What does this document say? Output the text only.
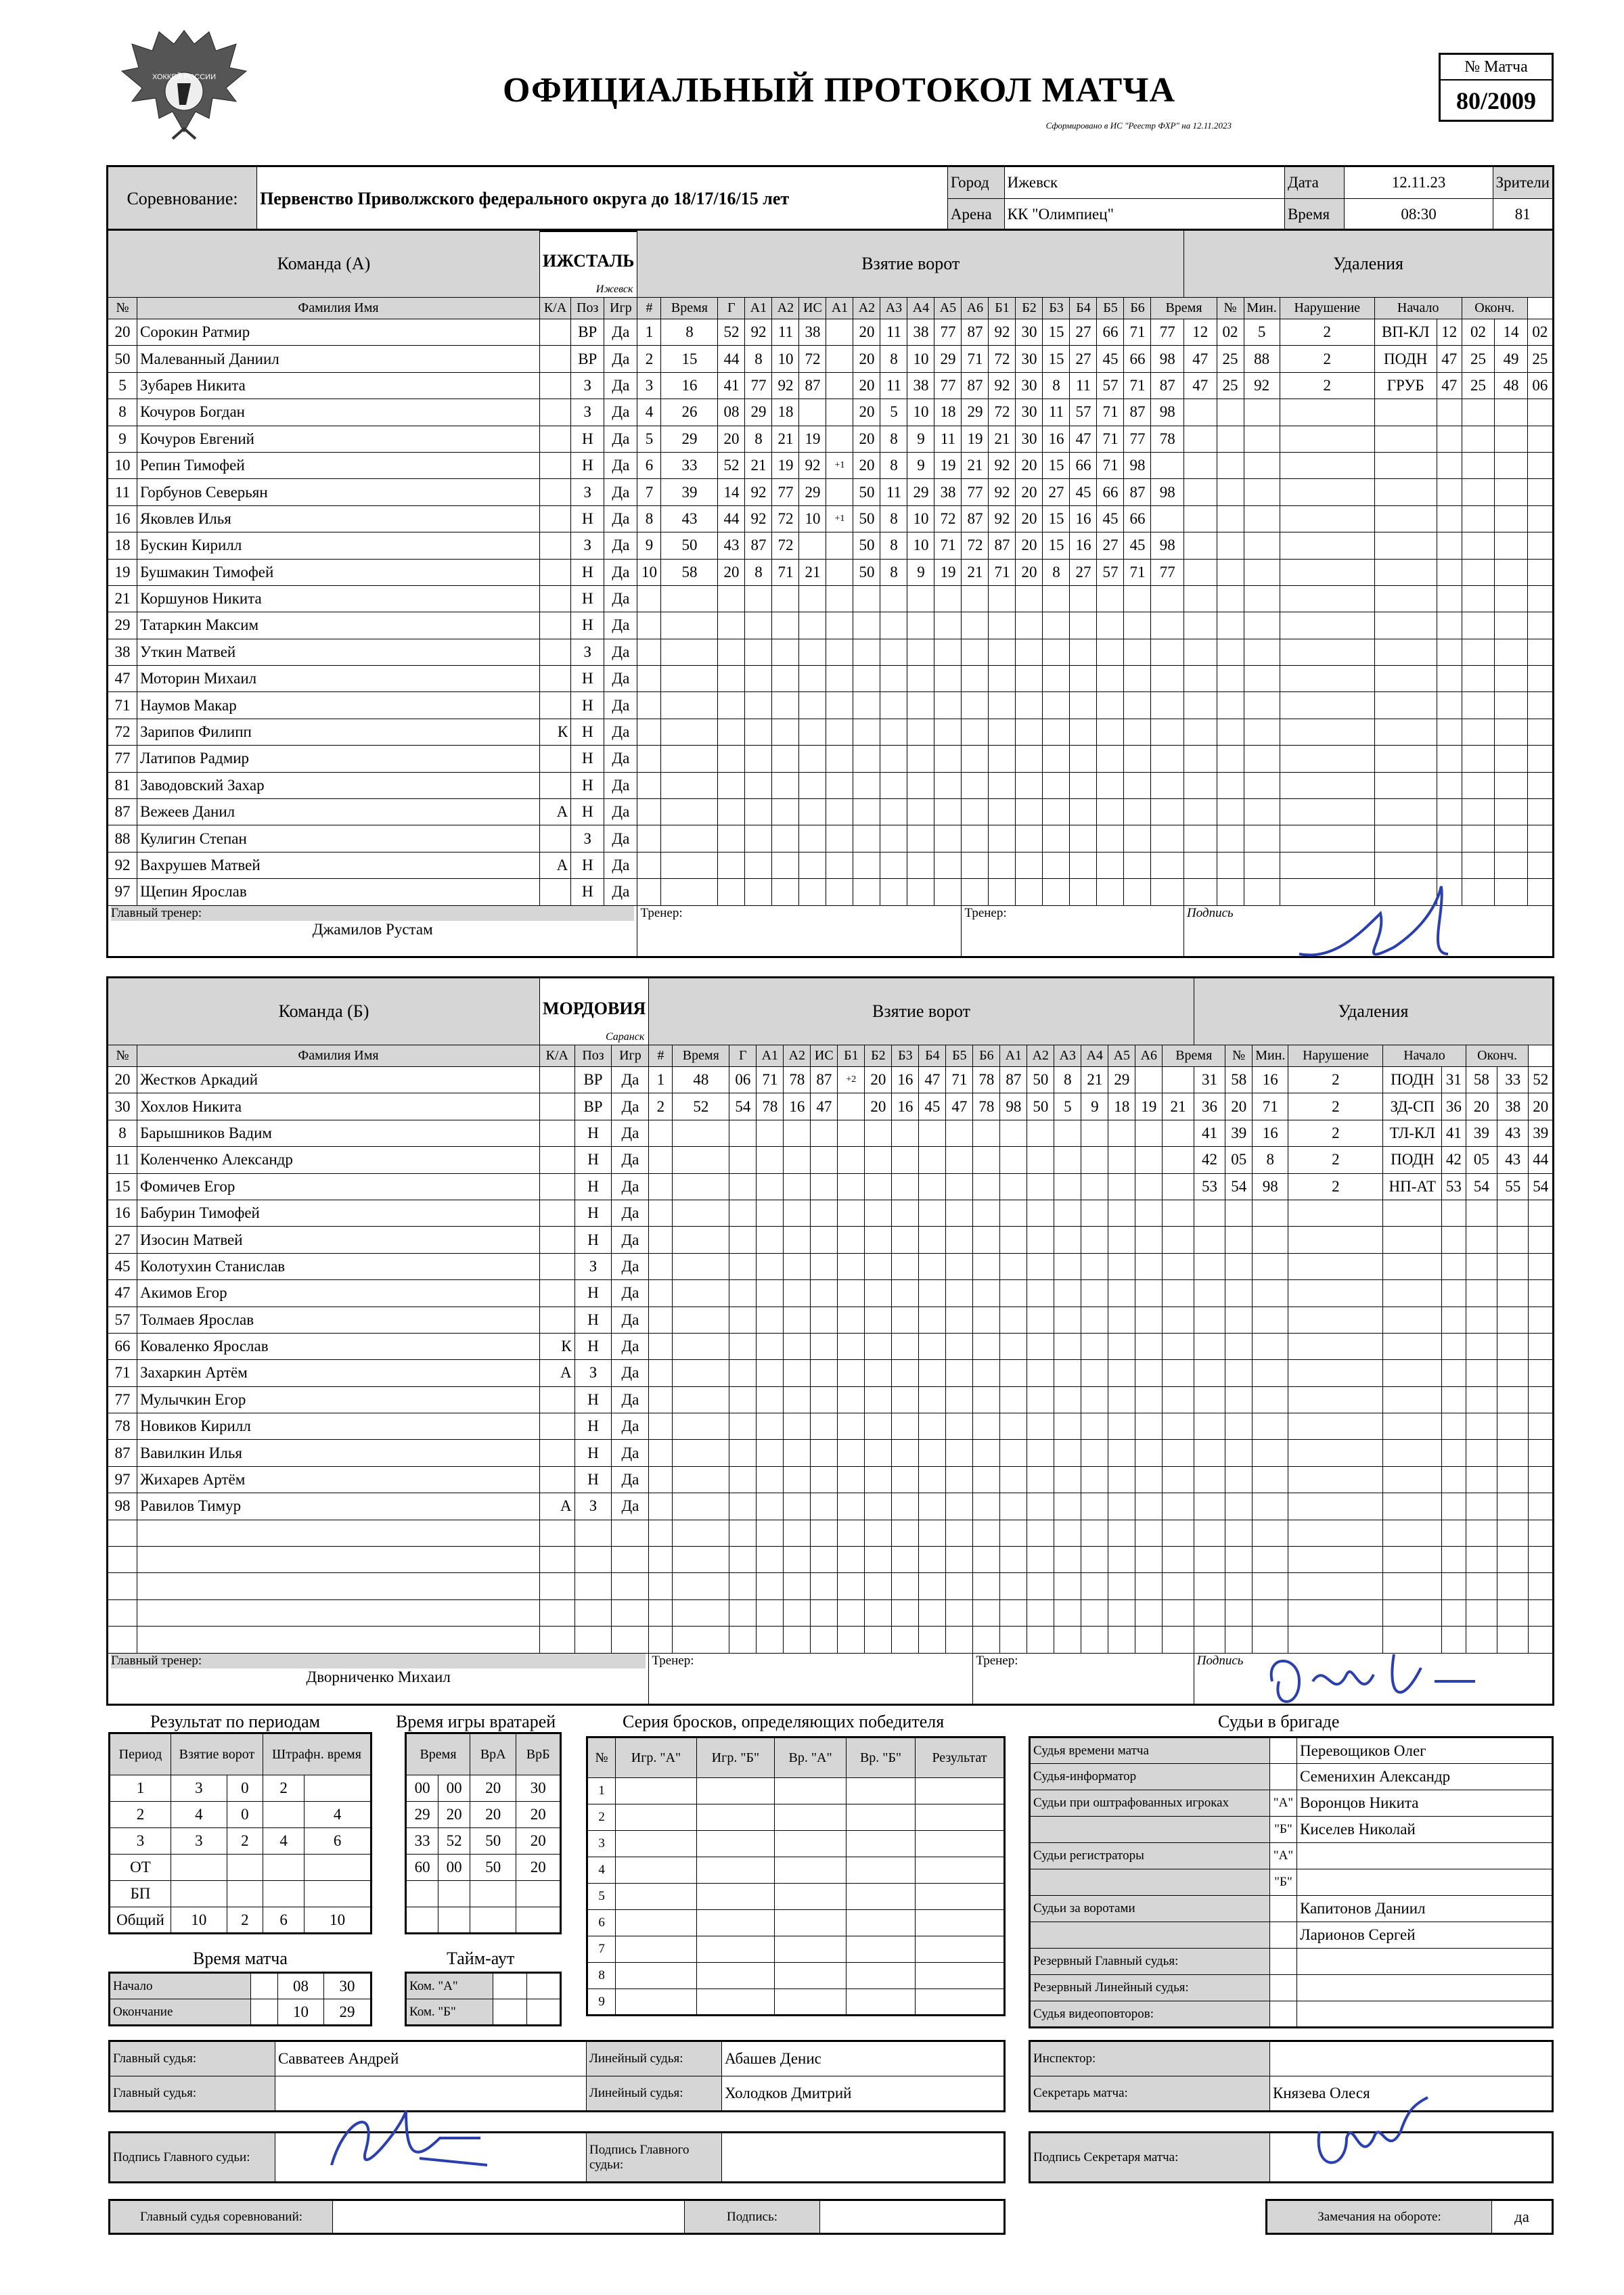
ХОККЕЙ РОССИИ	ОФИЦИАЛЬНЫЙ ПРОТОКОЛ МАТЧА
Сформировано в ИС "Реестр ФХР" на 12.11.2023
№ Матча
80/2009
Соревнование:	Первенство Приволжского федерального округа до 18/17/16/15 лет	Город	Ижевск	Дата	12.11.23	Зрители
		Арена	КК "Олимпиец"	Время	08:30	81
Команда (А)		ИЖСТАЛЬ
Ижевск			Взятие ворот																			Удаления								
№	Фамилия Имя	К/А	Поз	Игр	#	Время	Г	А1	А2	ИС	А1	А2	А3	А4	А5	А6	Б1	Б2	Б3	Б4	Б5	Б6	Время		№	Мин.	Нарушение	Начало		Оконч.		
20	Сорокин Ратмир		ВР	Да	1	8	52	92	11	38		20	11	38	77	87	92	30	15	27	66	71	77	12	02	5	2	ВП-КЛ	12	02	14	02
50	Малеванный Даниил		ВР	Да	2	15	44	8	10	72		20	8	10	29	71	72	30	15	27	45	66	98	47	25	88	2	ПОДН	47	25	49	25
5	Зубарев Никита		З	Да	3	16	41	77	92	87		20	11	38	77	87	92	30	8	11	57	71	87	47	25	92	2	ГРУБ	47	25	48	06
8	Кочуров Богдан		З	Да	4	26	08	29	18			20	5	10	18	29	72	30	11	57	71	87	98									
9	Кочуров Евгений		Н	Да	5	29	20	8	21	19		20	8	9	11	19	21	30	16	47	71	77	78									
10	Репин Тимофей		Н	Да	6	33	52	21	19	92	+1	20	8	9	19	21	92	20	15	66	71	98										
11	Горбунов Северьян		З	Да	7	39	14	92	77	29		50	11	29	38	77	92	20	27	45	66	87	98									
16	Яковлев Илья		Н	Да	8	43	44	92	72	10	+1	50	8	10	72	87	92	20	15	16	45	66										
18	Бускин Кирилл		З	Да	9	50	43	87	72			50	8	10	71	72	87	20	15	16	27	45	98									
19	Бушмакин Тимофей		Н	Да	10	58	20	8	71	21		50	8	9	19	21	71	20	8	27	57	71	77									
21	Коршунов Никита		Н	Да																												
29	Татаркин Максим		Н	Да																												
38	Уткин Матвей		З	Да																												
47	Моторин Михаил		Н	Да																												
71	Наумов Макар		Н	Да																												
72	Зарипов Филипп	К	Н	Да																												
77	Латипов Радмир		Н	Да																												
81	Заводовский Захар		Н	Да																												
87	Вежеев Данил	А	Н	Да																												
88	Кулигин Степан		З	Да																												
92	Вахрушев Матвей	А	Н	Да																												
97	Щепин Ярослав		Н	Да																												

Главный тренер:
Джамилов Рустам					Тренер:											Тренер:								Подпись								
Команда (Б)		МОРДОВИЯ
Саранск			Взятие ворот																			Удаления								
№	Фамилия Имя	К/А	Поз	Игр	#	Время	Г	А1	А2	ИС	Б1	Б2	Б3	Б4	Б5	Б6	А1	А2	А3	А4	А5	А6	Время		№	Мин.	Нарушение	Начало		Оконч.		
20	Жестков Аркадий		ВР	Да	1	48	06	71	78	87	+2	20	16	47	71	78	87	50	8	21	29			31	58	16	2	ПОДН	31	58	33	52
30	Хохлов Никита		ВР	Да	2	52	54	78	16	47		20	16	45	47	78	98	50	5	9	18	19	21	36	20	71	2	ЗД-СП	36	20	38	20
8	Барышников Вадим		Н	Да																				41	39	16	2	ТЛ-КЛ	41	39	43	39
11	Коленченко Александр		Н	Да																				42	05	8	2	ПОДН	42	05	43	44
15	Фомичев Егор		Н	Да																				53	54	98	2	НП-АТ	53	54	55	54
16	Бабурин Тимофей		Н	Да																												
27	Изосин Матвей		Н	Да																												
45	Колотухин Станислав		З	Да																												
47	Акимов Егор		Н	Да																												
57	Толмаев Ярослав		Н	Да																												
66	Коваленко Ярослав	К	Н	Да																												
71	Захаркин Артём	А	З	Да																												
77	Мулычкин Егор		Н	Да																												
78	Новиков Кирилл		Н	Да																												
87	Вавилкин Илья		Н	Да																												
97	Жихарев Артём		Н	Да																												
98	Равилов Тимур	А	З	Да																												

Главный тренер:
Дворниченко Михаил					Тренер:											Тренер:								Подпись								
Результат по периодам
Период	Взятие ворот		Штрафн. время	
1	3	0	2	
2	4	0		4
3	3	2	4	6
ОТ				
БП				
Общий	10	2	6	10
Время игры вратарей
Время		ВрА	ВрБ
00	00	20	30
29	20	20	20
33	52	50	20
60	00	50	20

Серия бросков, определяющих победителя
№	Игр. "А"	Игр. "Б"	Вр. "А"	Вр. "Б"	Результат
1					
2					
3					
4					
5					
6					
7					
8					
9					
Время матча
Начало		08	30
Окончание		10	29
Тайм-аут
Ком. "А"		
Ком. "Б"		
Судьи в бригаде
Судья времени матча		Перевощиков Олег
Судья-информатор		Семенихин Александр
Судьи при оштрафованных игроках	"А"	Воронцов Никита
	"Б"	Киселев Николай
Судьи регистраторы	"А"	
	"Б"	
Судьи за воротами		Капитонов Даниил
		Ларионов Сергей
Резервный Главный судья:		
Резервный Линейный судья:		
Судья видеоповторов:		
Главный судья:	Савватеев Андрей	Линейный судья:	Абашев Денис
Главный судья:		Линейный судья:	Холодков Дмитрий
Инспектор:	
Секретарь матча:	Князева Олеся
Подпись Главного судьи:		Подпись Главного судьи:	
Подпись Секретаря матча:	
Главный судья соревнований:		Подпись:		Замечания на обороте:	да
